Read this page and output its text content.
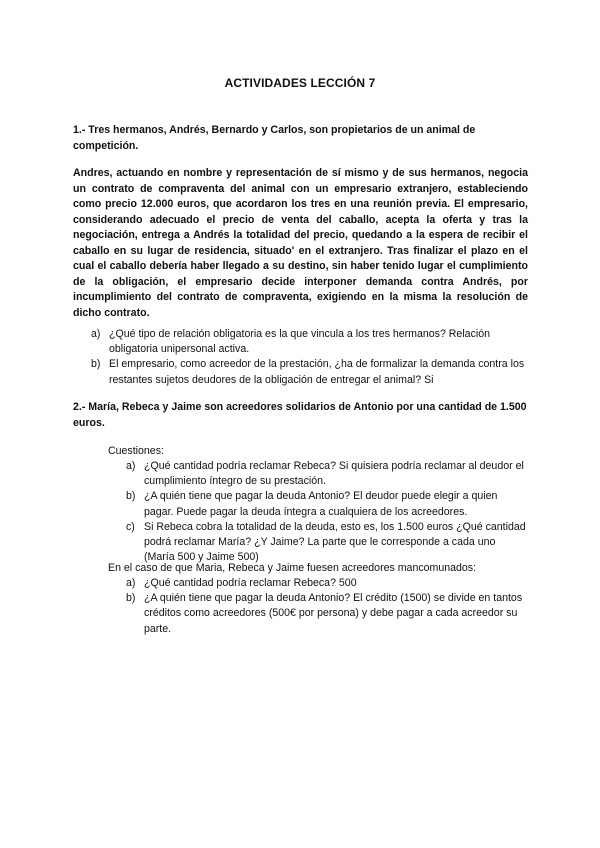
ACTIVIDADES LECCIÓN 7
1.- Tres hermanos, Andrés, Bernardo y Carlos, son propietarios de un animal de competición.
Andres, actuando en nombre y representación de sí mismo y de sus hermanos, negocia un contrato de compraventa del animal con un empresario extranjero, estableciendo como precio 12.000 euros, que acordaron los tres en una reunión previa. El empresario, considerando adecuado el precio de venta del caballo, acepta la oferta y tras la negociación, entrega a Andrés la totalidad del precio, quedando a la espera de recibir el caballo en su lugar de residencia, situado' en el extranjero. Tras finalizar el plazo en el cual el caballo debería haber llegado a su destino, sin haber tenido lugar el cumplimiento de la obligación, el empresario decide interponer demanda contra Andrés, por incumplimiento del contrato de compraventa, exigiendo en la misma la resolución de dicho contrato.
a) ¿Qué tipo de relación obligatoria es la que vincula a los tres hermanos? Relación obligatoria unipersonal activa.
b) El empresario, como acreedor de la prestación, ¿ha de formalizar la demanda contra los restantes sujetos deudores de la obligación de entregar el animal? Si
2.- María, Rebeca y Jaime son acreedores solidarios de Antonio por una cantidad de 1.500 euros.
Cuestiones:
a) ¿Qué cantidad podría reclamar Rebeca? Si quisiera podría reclamar al deudor el cumplimiento íntegro de su prestación.
b) ¿A quién tiene que pagar la deuda Antonio? El deudor puede elegir a quien pagar. Puede pagar la deuda íntegra a cualquiera de los acreedores.
c) Si Rebeca cobra la totalidad de la deuda, esto es, los 1.500 euros ¿Qué cantidad podrá reclamar María? ¿Y Jaime? La parte que le corresponde a cada uno (María 500 y Jaime 500)
En el caso de que Maria, Rebeca y Jaime fuesen acreedores mancomunados:
a) ¿Qué cantidad podría reclamar Rebeca? 500
b) ¿A quién tiene que pagar la deuda Antonio? El crédito (1500) se divide en tantos créditos como acreedores (500€ por persona) y debe pagar a cada acreedor su parte.
